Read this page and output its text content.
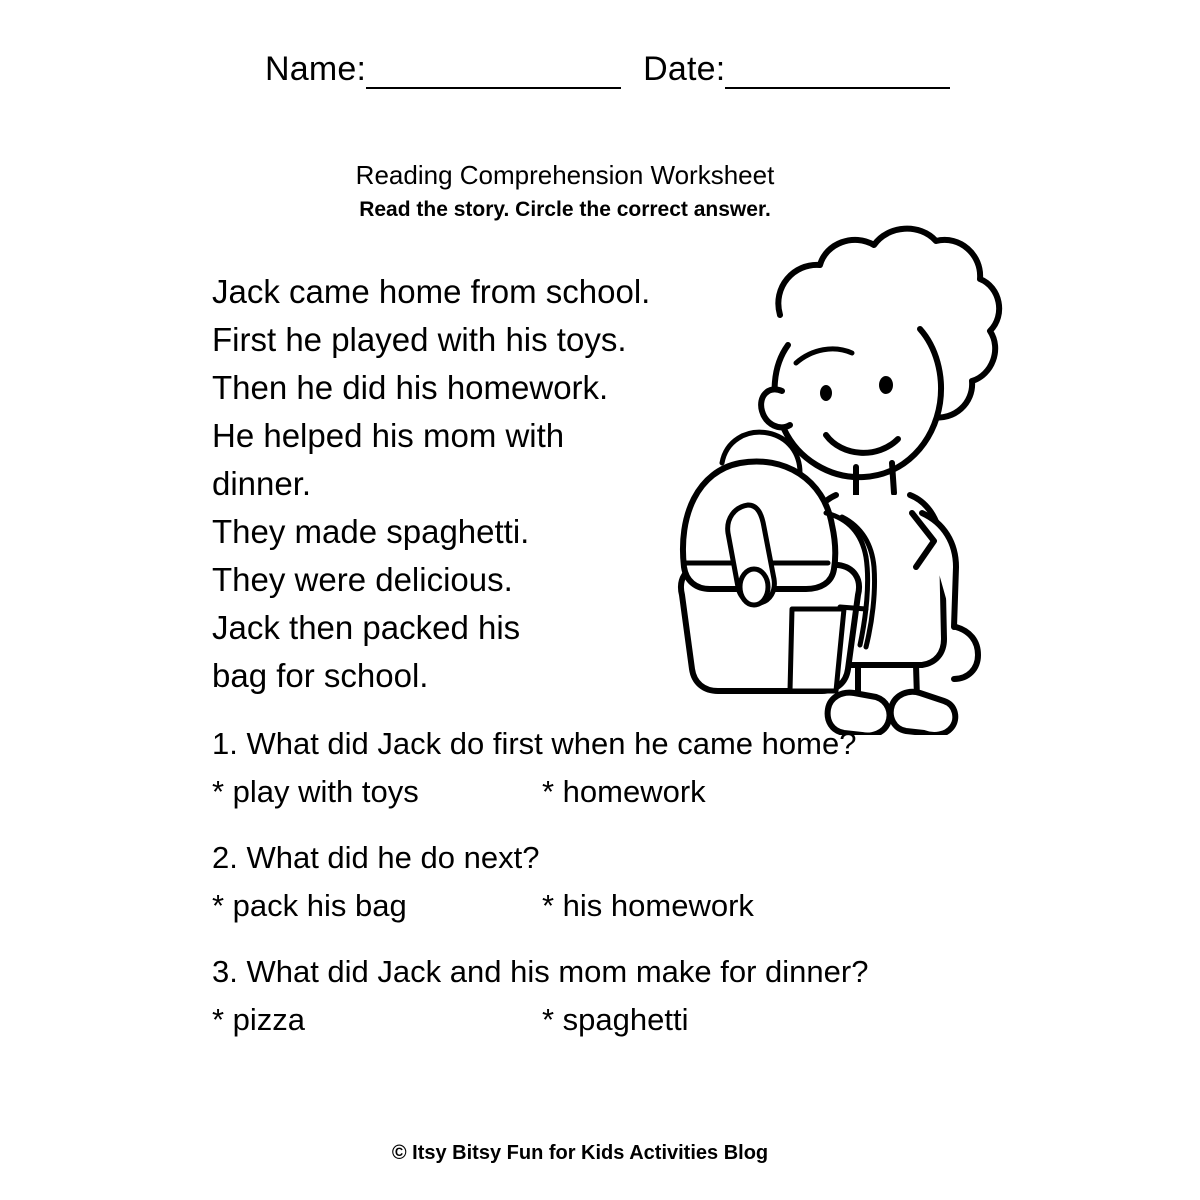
Name:	Date:
Reading Comprehension Worksheet
Read the story. Circle the correct answer.
Jack came home from school.
First he played with his toys.
Then he did his homework.
He helped his mom with
dinner.
They made spaghetti.
They were delicious.
Jack then packed his
bag for school.
1. What did Jack do first when he came home?
* play with toys	* homework
2. What did he do next?
* pack his bag	* his homework
3. What did Jack and his mom make for dinner?
* pizza	* spaghetti
© Itsy Bitsy Fun for Kids Activities Blog
